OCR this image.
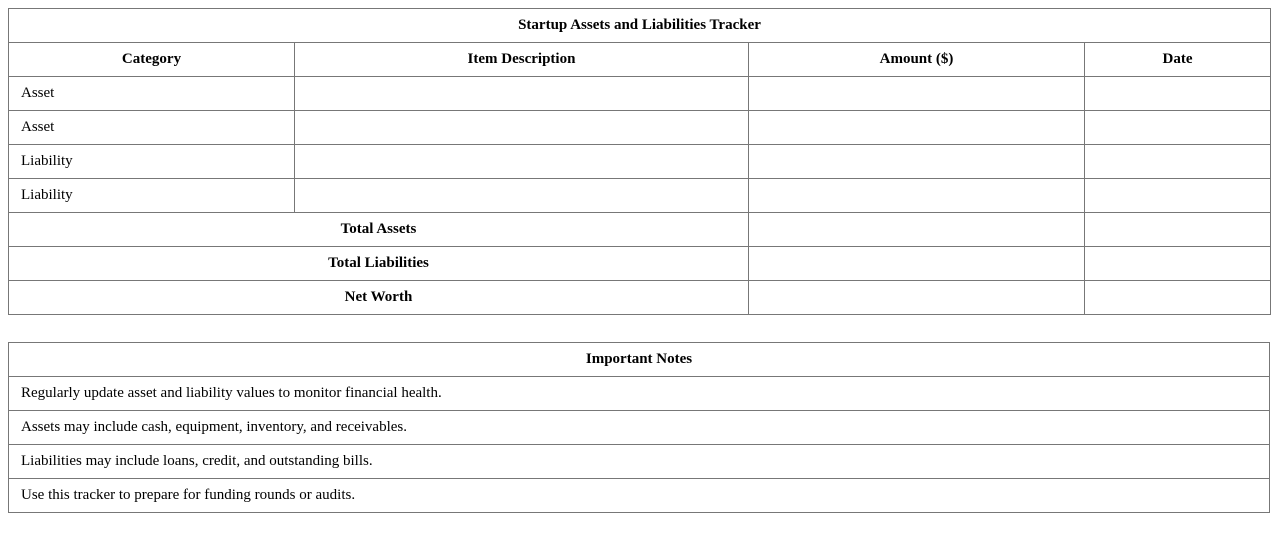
Startup Assets and Liabilities Tracker			
Category	Item Description	Amount ($)	Date
Asset			
Asset			
Liability			
Liability			
Total Assets			
Total Liabilities			
Net Worth			
Important Notes
Regularly update asset and liability values to monitor financial health.
Assets may include cash, equipment, inventory, and receivables.
Liabilities may include loans, credit, and outstanding bills.
Use this tracker to prepare for funding rounds or audits.
